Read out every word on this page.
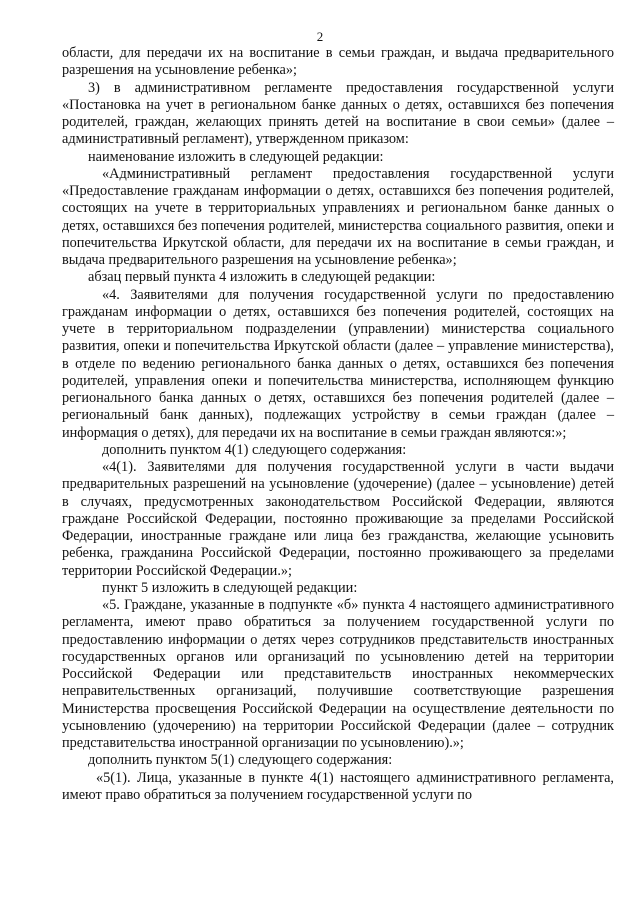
2

области, для передачи их на воспитание в семьи граждан, и выдача предварительного разрешения на усыновление ребенка»;

3) в административном регламенте предоставления государственной услуги «Постановка на учет в региональном банке данных о детях, оставшихся без попечения родителей, граждан, желающих принять детей на воспитание в свои семьи» (далее – административный регламент), утвержденном приказом:

наименование изложить в следующей редакции:

«Административный регламент предоставления государственной услуги «Предоставление гражданам информации о детях, оставшихся без попечения родителей, состоящих на учете в территориальных управлениях и региональном банке данных о детях, оставшихся без попечения родителей, министерства социального развития, опеки и попечительства Иркутской области, для передачи их на воспитание в семьи граждан, и выдача предварительного разрешения на усыновление ребенка»;

абзац первый пункта 4 изложить в следующей редакции:

«4. Заявителями для получения государственной услуги по предоставлению гражданам информации о детях, оставшихся без попечения родителей, состоящих на учете в территориальном подразделении (управлении) министерства социального развития, опеки и попечительства Иркутской области (далее – управление министерства), в отделе по ведению регионального банка данных о детях, оставшихся без попечения родителей, управления опеки и попечительства министерства, исполняющем функцию регионального банка данных о детях, оставшихся без попечения родителей (далее – региональный банк данных), подлежащих устройству в семьи граждан (далее – информация о детях), для передачи их на воспитание в семьи граждан являются:»;

дополнить пунктом 4(1) следующего содержания:

«4(1). Заявителями для получения государственной услуги в части выдачи предварительных разрешений на усыновление (удочерение) (далее – усыновление) детей в случаях, предусмотренных законодательством Российской Федерации, являются граждане Российской Федерации, постоянно проживающие за пределами Российской Федерации, иностранные граждане или лица без гражданства, желающие усыновить ребенка, гражданина Российской Федерации, постоянно проживающего за пределами территории Российской Федерации.»;

пункт 5 изложить в следующей редакции:

«5. Граждане, указанные в подпункте «б» пункта 4 настоящего административного регламента, имеют право обратиться за получением государственной услуги по предоставлению информации о детях через сотрудников представительств иностранных государственных органов или организаций по усыновлению детей на территории Российской Федерации или представительств иностранных некоммерческих неправительственных организаций, получившие соответствующие разрешения Министерства просвещения Российской Федерации на осуществление деятельности по усыновлению (удочерению) на территории Российской Федерации (далее – сотрудник представительства иностранной организации по усыновлению).»;

дополнить пунктом 5(1) следующего содержания:

«5(1). Лица, указанные в пункте 4(1) настоящего административного регламента, имеют право обратиться за получением государственной услуги по
